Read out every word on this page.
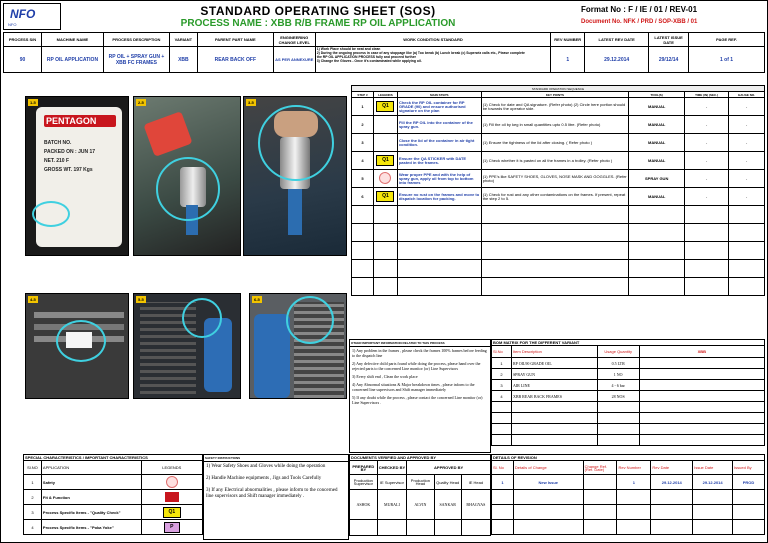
NFO
NFO
STANDARD OPERATING SHEET (SOS)
PROCESS NAME : XBB R/B FRAME RP OIL APPLICATION
Format No : F / IE / 01 / REV-01
Document No. NFK / PRD / SOP-XBB / 01
PROCESS S/N	MACHINE NAME	PROCESS DESCRIPTION	VARIANT	PARENT PART NAME	ENGINEERING CHANGE LEVEL	WORK CONDITION STANDARD	REV NUMBER	LATEST REV DATE	LATEST ISSUE DATE	PAGE REF.
90	RP OIL APPLICATION	RP OIL + SPRAY GUN + XBB FC FRAMES	XBB	REAR BACK OFF	AS PER ANNEXURE	1) Work Place should be neat and clean
2) During the ongoing process in case of any stoppage like (a) Too break (b) Lunch break (c) Superwiz calls etc., Please complete
the RP OIL APPLICATION PROCESS fully and proceed further
3) Change the Gloves - Once it's contaminated while applying oil.	1	29.12.2014	29/12/14	1 of 1
PENTAGON
BATCH NO.
PACKED ON : JUN 17
NET. 210 F
GROSS WT. 197 Kgs
1-5	2-5	3-5
4-5	5-5	6-5
STANDARD OPERATION SEQUENCE						
STEP #	LEGENDS	MAIN STEPS	KEY POINTS	TOOL(S)	TIME (IN) (SEC.)	GAUGE NO.
1	Q1	Check the RP OIL container for RP GRADE (90) and ensure authorised signature on the plan	(1) Check for date and QA signature. (Refer photo) (2) Circle here portion should be towards the operator side.	MANUAL	-	-
2		Fill the RP OIL into the container of the spray gun.	(1) Fill the oil by keg in small quantities upto 0.5 litre. (Refer photo)	MANUAL	-	-
3		Close the lid of the container in air tight condition.	(1) Ensure the tightness of the lid after closing. ( Refer photo )	MANUAL	-	-
4	Q1	Ensure the QA STICKER with DATE pasted in the frames.	(1) Check whether it is pasted on all the frames in a trolley. (Refer photo )	MANUAL	-	-
5		Wear proper PPE and with the help of spray gun, apply oil from top to bottom into frames	(1) PPE's like SAFETY SHOES, GLOVES, NOSE MASK AND GOGGLES. (Refer photo)	SPRAY GUN	-	-
6	Q1	Ensure no rust on the frames and move to dispatch location for packing.	(1) Check for rust and any other contaminations on the frames. If present, repeat the step 2 to 5.	MANUAL	-	-

OTHER IMPORTANT INFORMATION RELATED TO THIS PROCESS
1) Any problem in the frames , please check the frames 100% frames before feeding to the dispatch line
2) Any defective child parts found while doing the process, please hand over the rejected parts to the concerned Line monitor (or) Line Supervisors
3) Every shift end , Clean the work place
4) Any Abnormal situations & Major breakdown times , please inform to the concerned line supervisors and Shift manager immediately
5) If any doubt while the process , please contact the concerned Line monitor (or) Line Supervisors .
BOM MATRIX FOR THE DIFFERENT VARIANT			
Sl.No	Item Description	Usage Quantity	XBB
1	RP OIL90 GRADE OIL	0.5 LTR	
2	SPRAY GUN	1 NO	
3	AIR LINE	4 - 6 bar	
4	XBB REAR BACK FRAMES	28 NOS	

SPECIAL CHARACTERISTICS / IMPORTANT CHARACTERISTICS		
Sl.NO	APPLICATION	LEGENDS
1	Safety	
2	Fit & Function	
3	Process Specific Items - "Quality Check"	Q1
4	Process Specific Items - "Poka Yoke"	P
SAFETY INSTRUCTIONS
1) Wear Safety Shoes and Gloves while doing the operation
2) Handle Machine equipments , Jigs and Tools Carefully
3) If any Electrical abnormalities , please inform to the concerned line supervisors and Shift manager immediately .
DOCUMENTS VERIFIED AND APPROVED BY				
PREPARED BY	CHECKED BY	APPROVED BY		
Production Supervisor	IE Supervisor	Production Head	Quality Head	IE Head
ASHOK	MURALI	ALVIN	SANKAR	BHAGYAS

DETAILS OF REVISION						
Sl. No	Details of Change	Change Ref. (Ref. Date)	Rev Number	Rev Date	Issue Date	Issued By
1	New Issue		1	29.12.2014	29.12.2014	PROD
